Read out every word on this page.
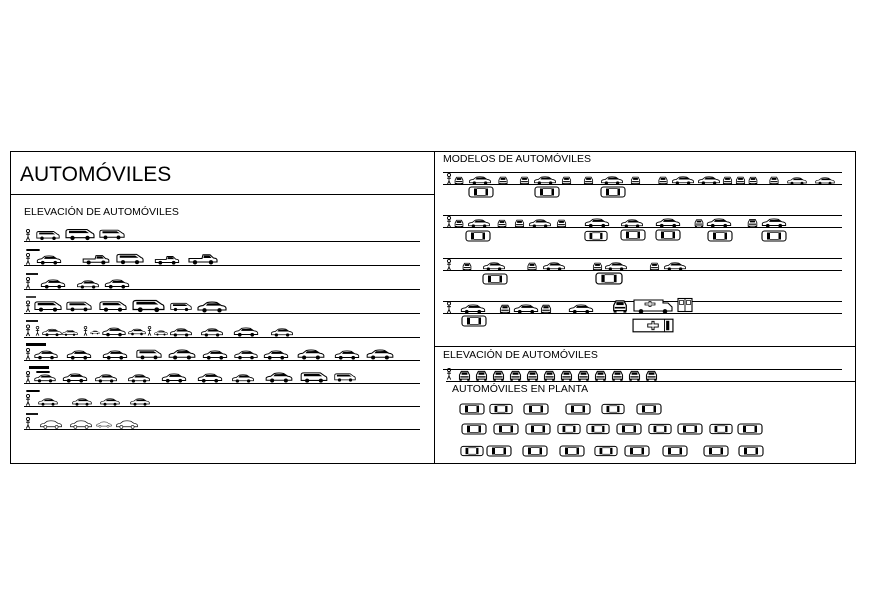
AUTOMÓVILES
ELEVACIÓN DE AUTOMÓVILES
MODELOS DE AUTOMÓVILES
ELEVACIÓN DE AUTOMÓVILES
AUTOMÓVILES EN PLANTA
